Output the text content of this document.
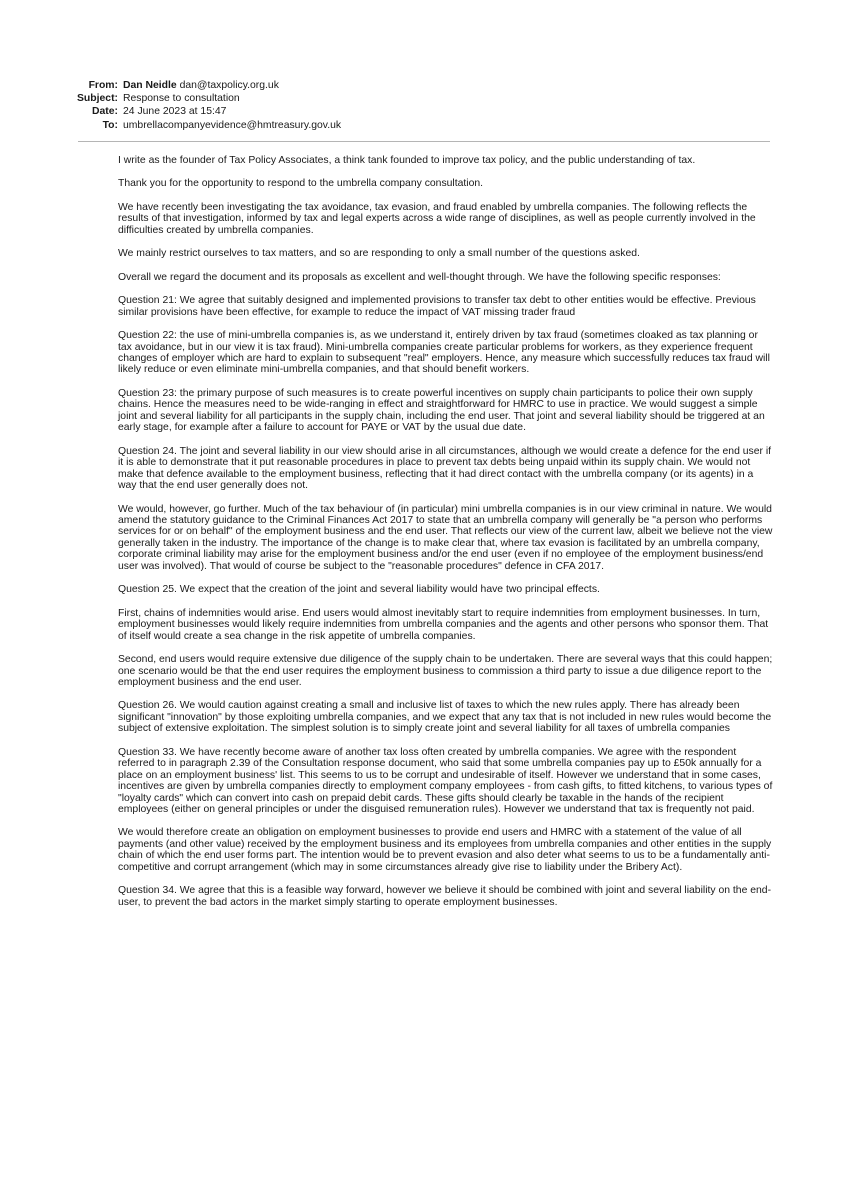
From: Dan Neidle dan@taxpolicy.org.uk
Subject: Response to consultation
Date: 24 June 2023 at 15:47
To: umbrellacompanyevidence@hmtreasury.gov.uk

I write as the founder of Tax Policy Associates, a think tank founded to improve tax policy, and the public understanding of tax.

Thank you for the opportunity to respond to the umbrella company consultation.

We have recently been investigating the tax avoidance, tax evasion, and fraud enabled by umbrella companies. The following reflects the results of that investigation, informed by tax and legal experts across a wide range of disciplines, as well as people currently involved in the difficulties created by umbrella companies.

We mainly restrict ourselves to tax matters, and so are responding to only a small number of the questions asked.

Overall we regard the document and its proposals as excellent and well-thought through. We have the following specific responses:

Question 21: We agree that suitably designed and implemented provisions to transfer tax debt to other entities would be effective. Previous similar provisions have been effective, for example to reduce the impact of VAT missing trader fraud

Question 22: the use of mini-umbrella companies is, as we understand it, entirely driven by tax fraud (sometimes cloaked as tax planning or tax avoidance, but in our view it is tax fraud). Mini-umbrella companies create particular problems for workers, as they experience frequent changes of employer which are hard to explain to subsequent "real" employers. Hence, any measure which successfully reduces tax fraud will likely reduce or even eliminate mini-umbrella companies, and that should benefit workers.

Question 23: the primary purpose of such measures is to create powerful incentives on supply chain participants to police their own supply chains. Hence the measures need to be wide-ranging in effect and straightforward for HMRC to use in practice. We would suggest a simple joint and several liability for all participants in the supply chain, including the end user. That joint and several liability should be triggered at an early stage, for example after a failure to account for PAYE or VAT by the usual due date.

Question 24. The joint and several liability in our view should arise in all circumstances, although we would create a defence for the end user if it is able to demonstrate that it put reasonable procedures in place to prevent tax debts being unpaid within its supply chain. We would not make that defence available to the employment business, reflecting that it had direct contact with the umbrella company (or its agents) in a way that the end user generally does not.

We would, however, go further. Much of the tax behaviour of (in particular) mini umbrella companies is in our view criminal in nature. We would amend the statutory guidance to the Criminal Finances Act 2017 to state that an umbrella company will generally be "a person who performs services for or on behalf" of the employment business and the end user. That reflects our view of the current law, albeit we believe not the view generally taken in the industry. The importance of the change is to make clear that, where tax evasion is facilitated by an umbrella company, corporate criminal liability may arise for the employment business and/or the end user (even if no employee of the employment business/end user was involved). That would of course be subject to the "reasonable procedures" defence in CFA 2017.

Question 25. We expect that the creation of the joint and several liability would have two principal effects.

First, chains of indemnities would arise. End users would almost inevitably start to require indemnities from employment businesses. In turn, employment businesses would likely require indemnities from umbrella companies and the agents and other persons who sponsor them. That of itself would create a sea change in the risk appetite of umbrella companies.

Second, end users would require extensive due diligence of the supply chain to be undertaken. There are several ways that this could happen; one scenario would be that the end user requires the employment business to commission a third party to issue a due diligence report to the employment business and the end user.

Question 26. We would caution against creating a small and inclusive list of taxes to which the new rules apply. There has already been significant "innovation" by those exploiting umbrella companies, and we expect that any tax that is not included in new rules would become the subject of extensive exploitation. The simplest solution is to simply create joint and several liability for all taxes of umbrella companies

Question 33. We have recently become aware of another tax loss often created by umbrella companies. We agree with the respondent referred to in paragraph 2.39 of the Consultation response document, who said that some umbrella companies pay up to £50k annually for a place on an employment business' list. This seems to us to be corrupt and undesirable of itself. However we understand that in some cases, incentives are given by umbrella companies directly to employment company employees - from cash gifts, to fitted kitchens, to various types of "loyalty cards" which can convert into cash on prepaid debit cards. These gifts should clearly be taxable in the hands of the recipient employees (either on general principles or under the disguised remuneration rules). However we understand that tax is frequently not paid.

We would therefore create an obligation on employment businesses to provide end users and HMRC with a statement of the value of all payments (and other value) received by the employment business and its employees from umbrella companies and other entities in the supply chain of which the end user forms part. The intention would be to prevent evasion and also deter what seems to us to be a fundamentally anti-competitive and corrupt arrangement (which may in some circumstances already give rise to liability under the Bribery Act).

Question 34. We agree that this is a feasible way forward, however we believe it should be combined with joint and several liability on the end-user, to prevent the bad actors in the market simply starting to operate employment businesses.
